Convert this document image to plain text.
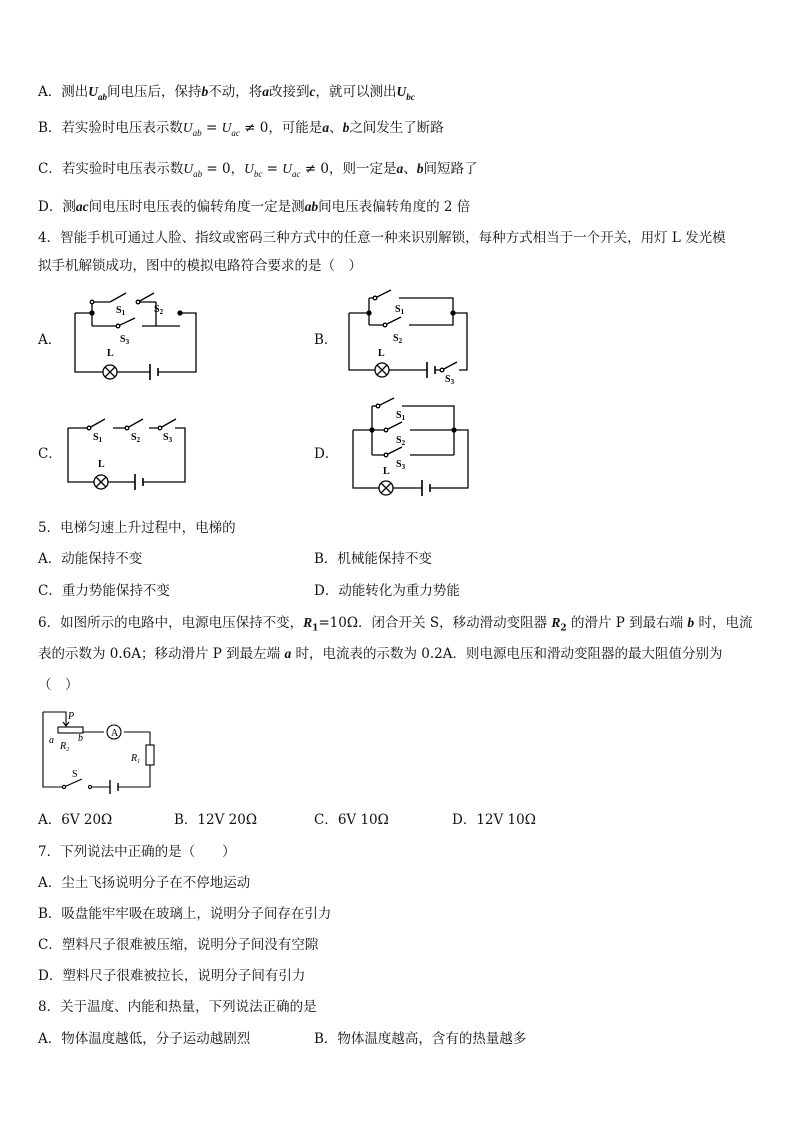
A．测出$U_{ab}$间电压后，保持b不动，将a改接到c，就可以测出$U_{bc}$
B．若实验时电压表示数$U_{ab} = U_{ac} \ne 0$，可能是a、b之间发生了断路
C．若实验时电压表示数$U_{ab} = 0$，$U_{bc} = U_{ac} \ne 0$，则一定是a、b间短路了
D．测ac间电压时电压表的偏转角度一定是测ab间电压表偏转角度的 2 倍
4．智能手机可通过人脸、指纹或密码三种方式中的任意一种来识别解锁，每种方式相当于一个开关，用灯 L 发光模
拟手机解锁成功，图中的模拟电路符合要求的是（　）
A．	B．
C．	D．
L
$S_1$	$S_2$
$S_3$
L
$S_1$
$S_2$
$S_3$
L
$S_1$	$S_2$ $S_3$
L
$S_1$
$S_2$
$S_3$
5．电梯匀速上升过程中，电梯的
A．动能保持不变	B．机械能保持不变
C．重力势能保持不变	D．动能转化为重力势能
6．如图所示的电路中，电源电压保持不变，$R_1=10\Omega$．闭合开关 S，移动滑动变阻器 $R_2$ 的滑片 P 到最右端 b 时，电流
表的示数为 0.6A；移动滑片 P 到最左端 a 时，电流表的示数为 0.2A．则电源电压和滑动变阻器的最大阻值分别为
（　）
P
a b
$R_2$
A
$R_1$
S
A．6V 20Ω	B．12V 20Ω	C．6V 10Ω	D．12V 10Ω
7．下列说法中正确的是（　　）
A．尘土飞扬说明分子在不停地运动
B．吸盘能牢牢吸在玻璃上，说明分子间存在引力
C．塑料尺子很难被压缩，说明分子间没有空隙
D．塑料尺子很难被拉长，说明分子间有引力
8．关于温度、内能和热量，下列说法正确的是
A．物体温度越低，分子运动越剧烈	B．物体温度越高，含有的热量越多
